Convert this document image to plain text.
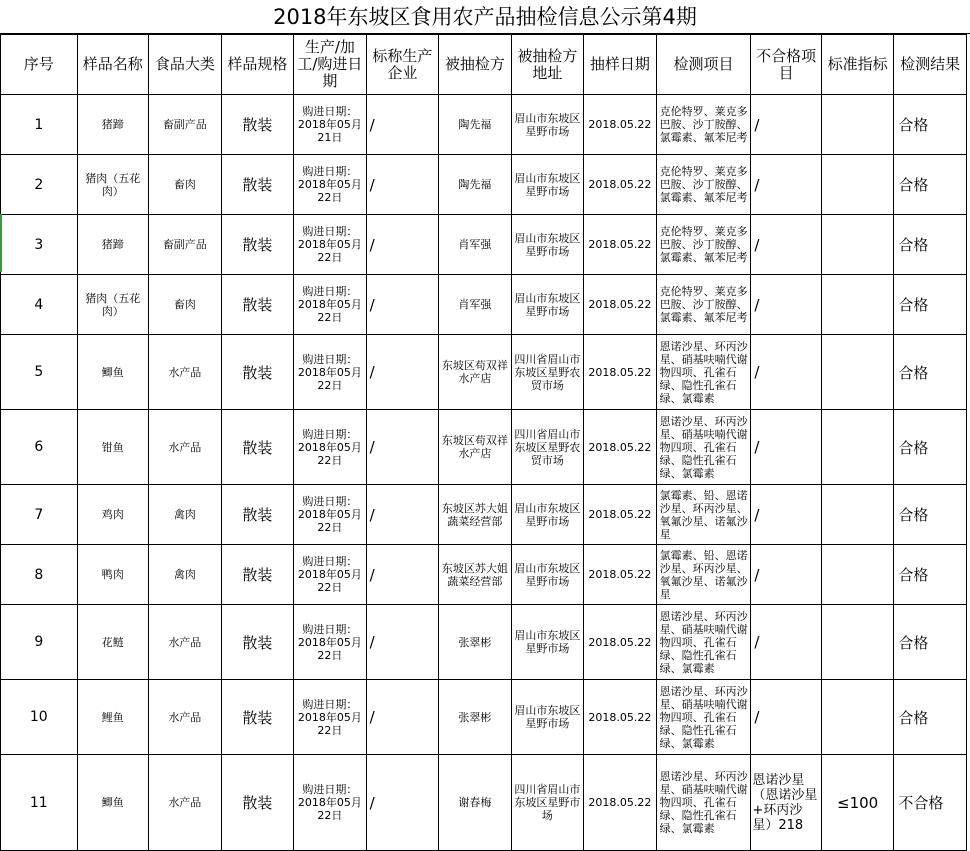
2018年东坡区食用农产品抽检信息公示第4期
序号	样品名称	食品大类	样品规格	生产/加工/购进日期	标称生产企业	被抽检方	被抽检方地址	抽样日期	检测项目	不合格项目	标准指标	检测结果
1	猪蹄	畜副产品	散装	购进日期：2018年05月21日	/	陶先福	眉山市东坡区星野市场	2018.05.22	克伦特罗、莱克多巴胺、沙丁胺醇、氯霉素、氟苯尼考	/		合格
2	猪肉（五花肉）	畜肉	散装	购进日期：2018年05月22日	/	陶先福	眉山市东坡区星野市场	2018.05.22	克伦特罗、莱克多巴胺、沙丁胺醇、氯霉素、氟苯尼考	/		合格
3	猪蹄	畜副产品	散装	购进日期：2018年05月22日	/	肖军强	眉山市东坡区星野市场	2018.05.22	克伦特罗、莱克多巴胺、沙丁胺醇、氯霉素、氟苯尼考	/		合格
4	猪肉（五花肉）	畜肉	散装	购进日期：2018年05月22日	/	肖军强	眉山市东坡区星野市场	2018.05.22	克伦特罗、莱克多巴胺、沙丁胺醇、氯霉素、氟苯尼考	/		合格
5	鲫鱼	水产品	散装	购进日期：2018年05月22日	/	东坡区苟双祥水产店	四川省眉山市东坡区星野农贸市场	2018.05.22	恩诺沙星、环丙沙星、硝基呋喃代谢物四项、孔雀石绿、隐性孔雀石绿、氯霉素	/		合格
6	钳鱼	水产品	散装	购进日期：2018年05月22日	/	东坡区苟双祥水产店	四川省眉山市东坡区星野农贸市场	2018.05.22	恩诺沙星、环丙沙星、硝基呋喃代谢物四项、孔雀石绿、隐性孔雀石绿、氯霉素	/		合格
7	鸡肉	禽肉	散装	购进日期：2018年05月22日	/	东坡区苏大姐蔬菜经营部	眉山市东坡区星野市场	2018.05.22	氯霉素、铅、恩诺沙星、环丙沙星、氧氟沙星、诺氟沙星	/		合格
8	鸭肉	禽肉	散装	购进日期：2018年05月22日	/	东坡区苏大姐蔬菜经营部	眉山市东坡区星野市场	2018.05.22	氯霉素、铅、恩诺沙星、环丙沙星、氧氟沙星、诺氟沙星	/		合格
9	花鲢	水产品	散装	购进日期：2018年05月22日	/	张翠彬	眉山市东坡区星野市场	2018.05.22	恩诺沙星、环丙沙星、硝基呋喃代谢物四项、孔雀石绿、隐性孔雀石绿、氯霉素	/		合格
10	鲤鱼	水产品	散装	购进日期：2018年05月22日	/	张翠彬	眉山市东坡区星野市场	2018.05.22	恩诺沙星、环丙沙星、硝基呋喃代谢物四项、孔雀石绿、隐性孔雀石绿、氯霉素	/		合格
11	鲫鱼	水产品	散装	购进日期：2018年05月22日	/	谢春梅	四川省眉山市东坡区星野市场	2018.05.22	恩诺沙星、环丙沙星、硝基呋喃代谢物四项、孔雀石绿、隐性孔雀石绿、氯霉素	恩诺沙星（恩诺沙星+环丙沙星）218	≤100	不合格
